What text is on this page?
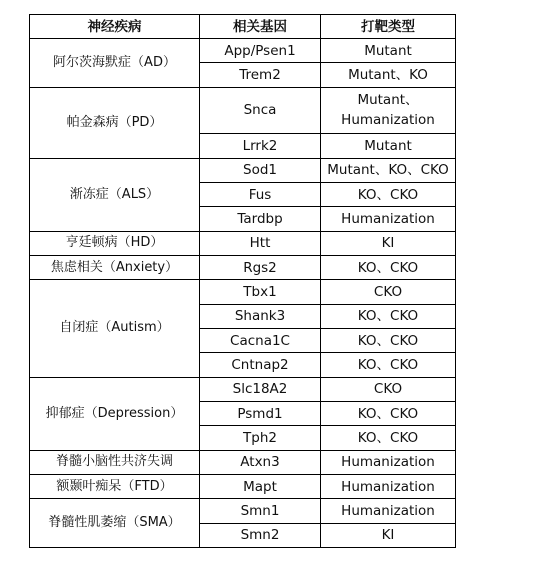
神经疾病	相关基因	打靶类型
阿尔茨海默症（AD）	App/Psen1	Mutant
	Trem2	Mutant、KO
帕金森病（PD）	Snca	Mutant、Humanization
	Lrrk2	Mutant
渐冻症（ALS）	Sod1	Mutant、KO、CKO
	Fus	KO、CKO
	Tardbp	Humanization
亨廷顿病（HD）	Htt	KI
焦虑相关（Anxiety）	Rgs2	KO、CKO
自闭症（Autism）	Tbx1	CKO
	Shank3	KO、CKO
	Cacna1C	KO、CKO
	Cntnap2	KO、CKO
抑郁症（Depression）	Slc18A2	CKO
	Psmd1	KO、CKO
	Tph2	KO、CKO
脊髓小脑性共济失调	Atxn3	Humanization
额颞叶痴呆（FTD）	Mapt	Humanization
脊髓性肌萎缩（SMA）	Smn1	Humanization
	Smn2	KI
